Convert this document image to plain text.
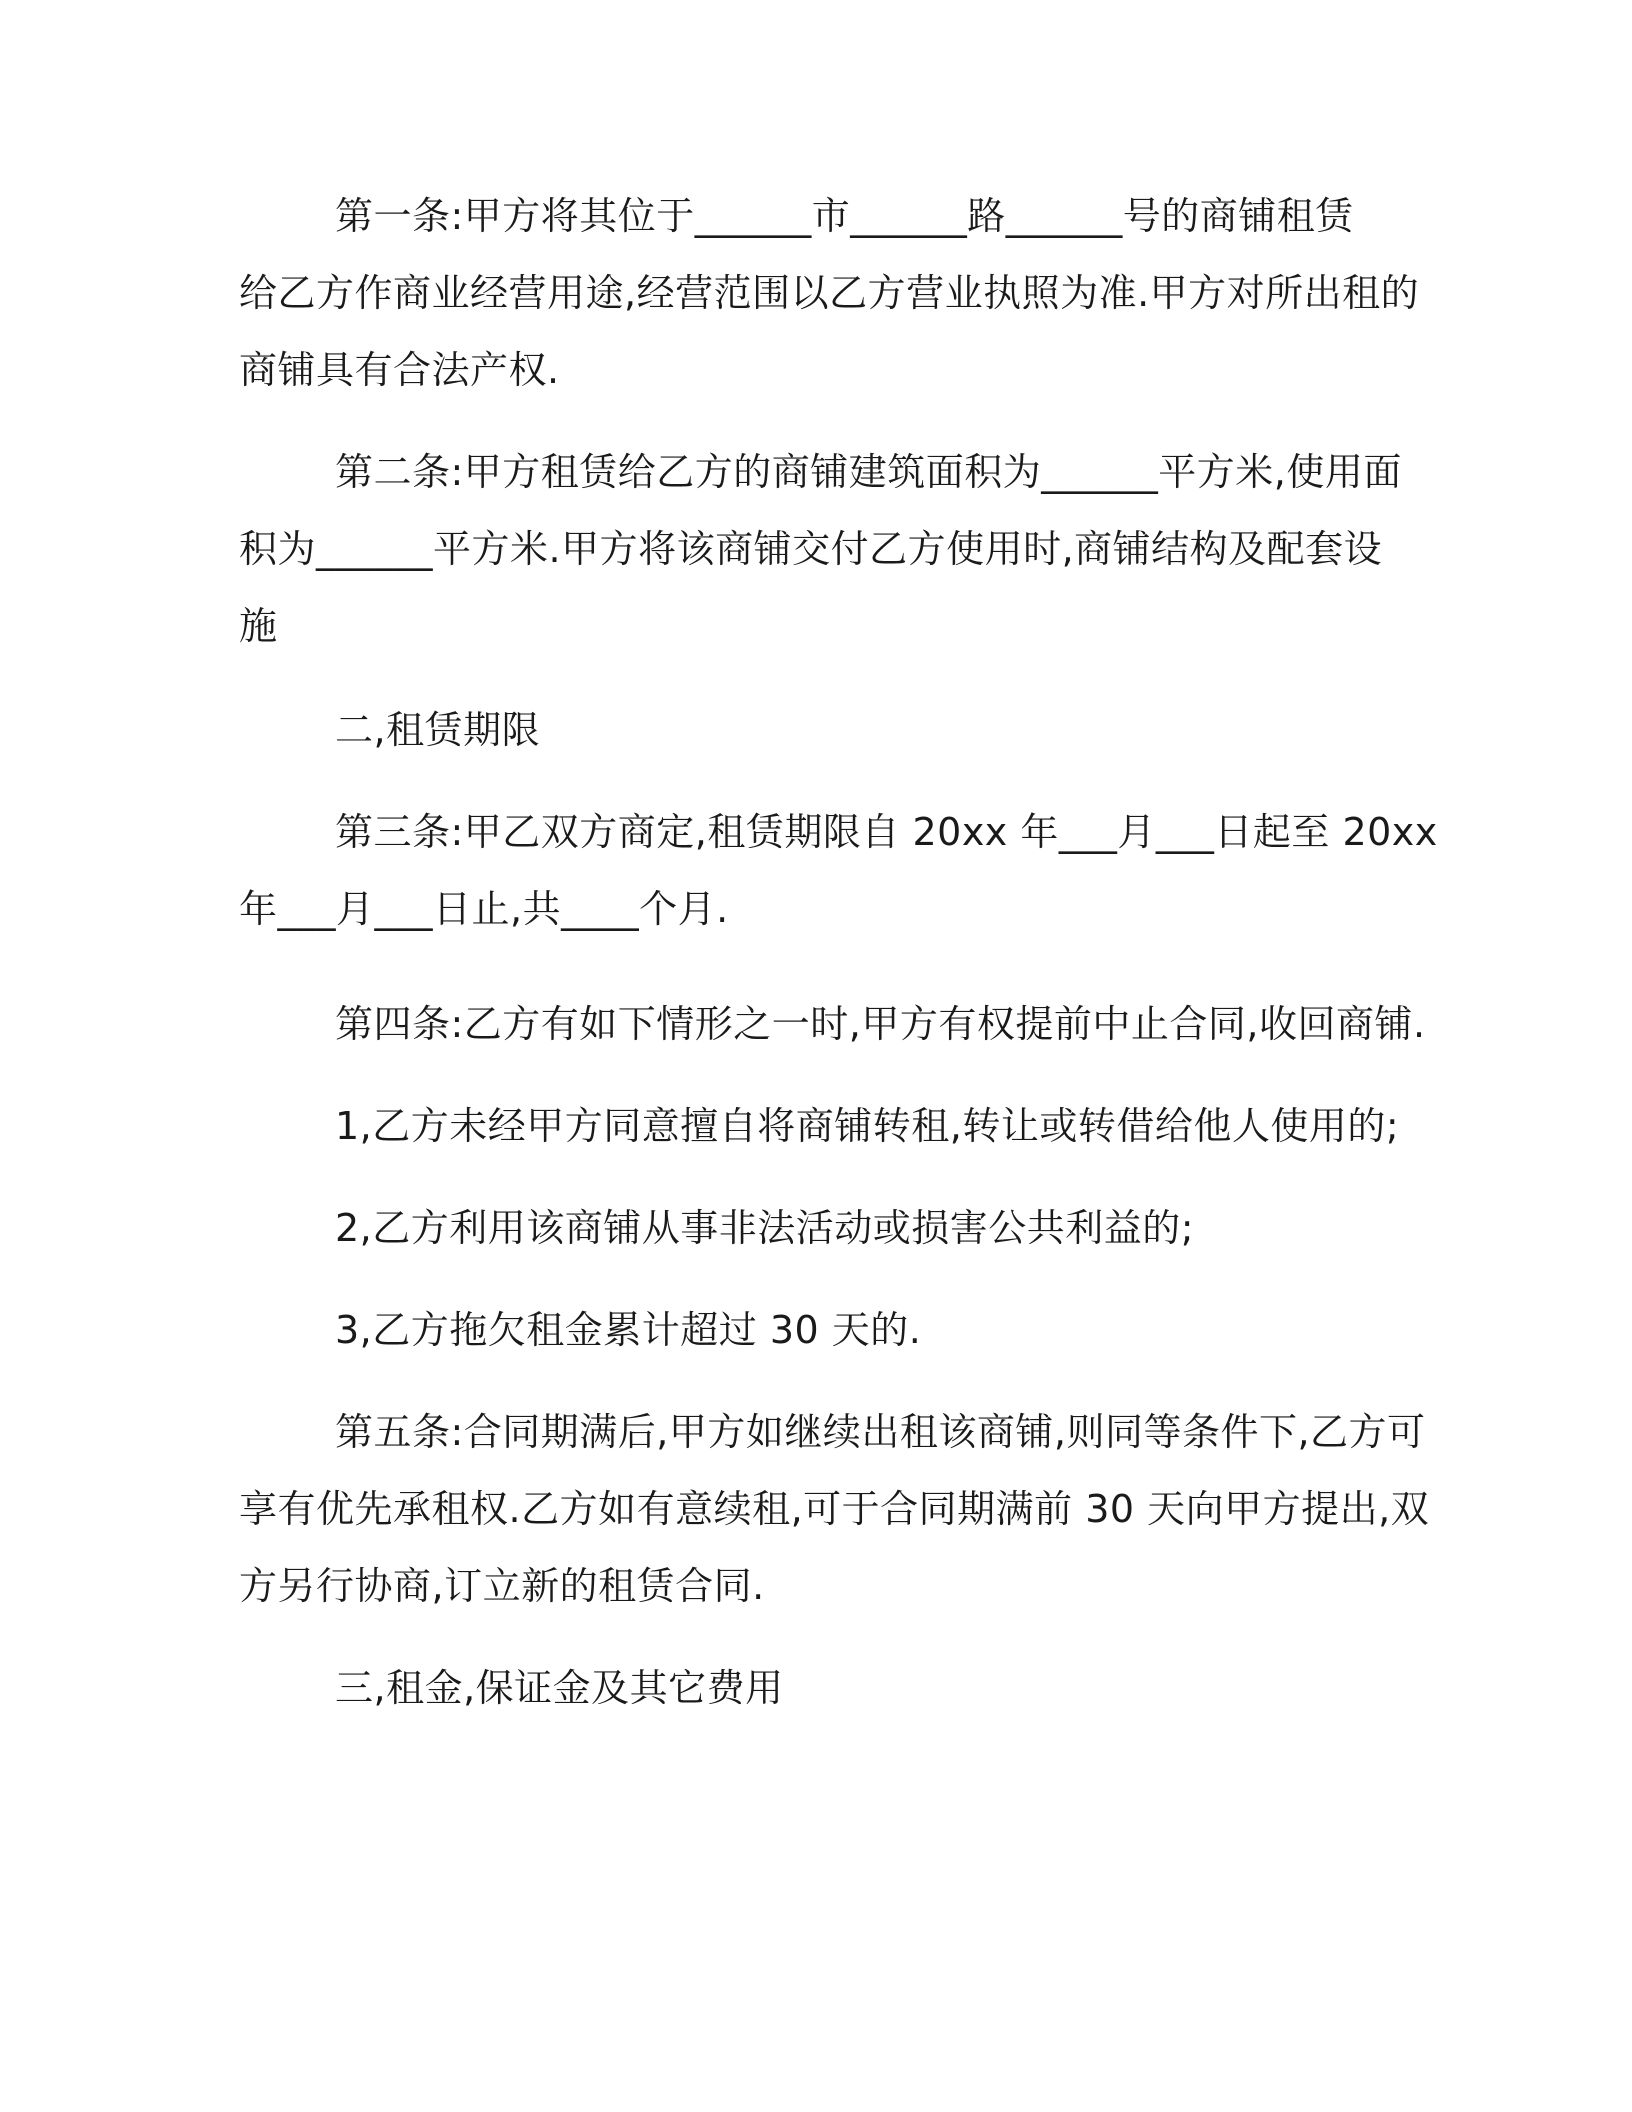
第一条:甲方将其位于______市______路______号的商铺租赁
给乙方作商业经营用途,经营范围以乙方营业执照为准.甲方对所出租的
商铺具有合法产权.

第二条:甲方租赁给乙方的商铺建筑面积为______平方米,使用面
积为______平方米.甲方将该商铺交付乙方使用时,商铺结构及配套设
施

二,租赁期限

第三条:甲乙双方商定,租赁期限自 20xx 年___月___日起至 20xx
年___月___日止,共____个月.

第四条:乙方有如下情形之一时,甲方有权提前中止合同,收回商铺.

1,乙方未经甲方同意擅自将商铺转租,转让或转借给他人使用的;

2,乙方利用该商铺从事非法活动或损害公共利益的;

3,乙方拖欠租金累计超过 30 天的.

第五条:合同期满后,甲方如继续出租该商铺,则同等条件下,乙方可
享有优先承租权.乙方如有意续租,可于合同期满前 30 天向甲方提出,双
方另行协商,订立新的租赁合同.

三,租金,保证金及其它费用
